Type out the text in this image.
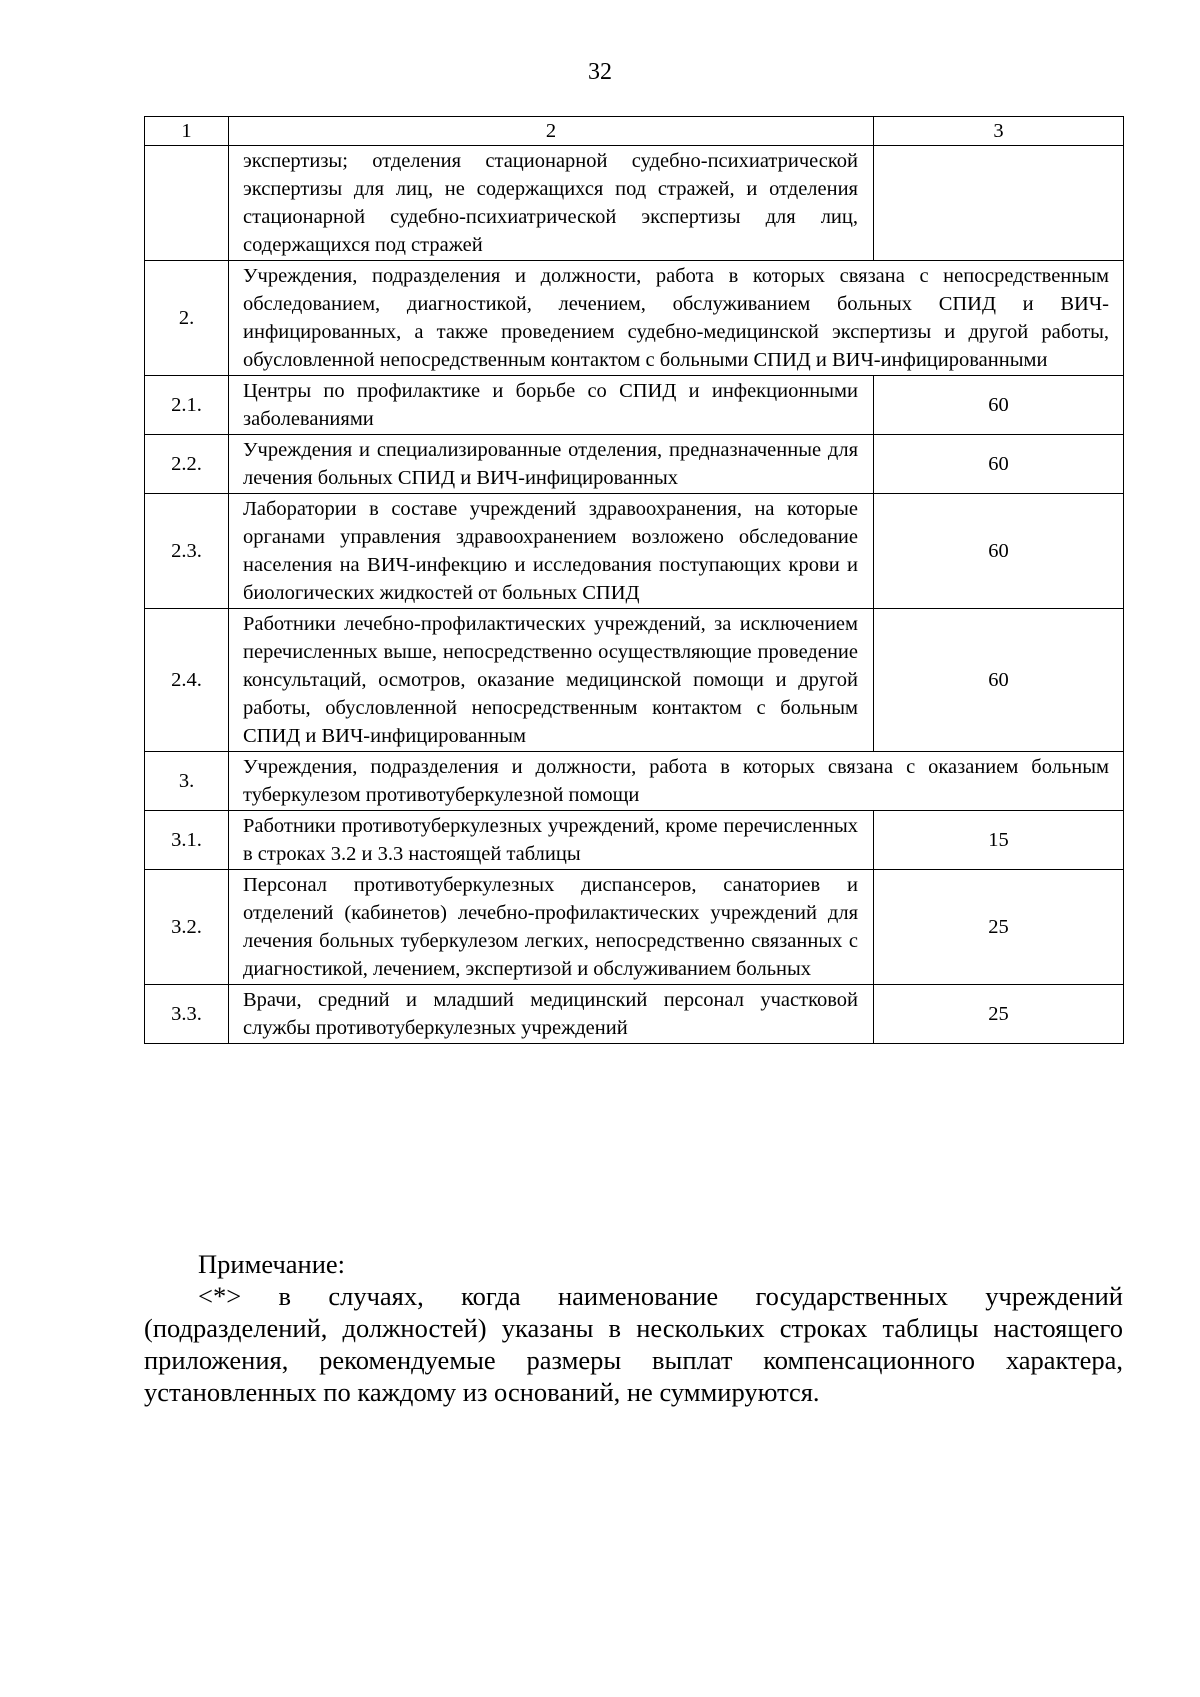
32
1	2	3

	экспертизы; отделения стационарной судебно-психиатрической экспертизы для лиц, не содержащихся под стражей, и отделения стационарной судебно-психиатрической экспертизы для лиц, содержащихся под стражей	

2.	Учреждения, подразделения и должности, работа в которых связана с непосредственным обследованием, диагностикой, лечением, обслуживанием больных СПИД и ВИЧ-инфицированных, а также проведением судебно-медицинской экспертизы и другой работы, обусловленной непосредственным контактом с больными СПИД и ВИЧ-инфицированными	

2.1.	Центры по профилактике и борьбе со СПИД и инфекционными заболеваниями	60
2.2.	Учреждения и специализированные отделения, предназначенные для лечения больных СПИД и ВИЧ-инфицированных	60
2.3.	Лаборатории в составе учреждений здравоохранения, на которые органами управления здравоохранением возложено обследование населения на ВИЧ-инфекцию и исследования поступающих крови и биологических жидкостей от больных СПИД	60
2.4.	Работники лечебно-профилактических учреждений, за исключением перечисленных выше, непосредственно осуществляющие проведение консультаций, осмотров, оказание медицинской помощи и другой работы, обусловленной непосредственным контактом с больным СПИД и ВИЧ-инфицированным	60
3.	Учреждения, подразделения и должности, работа в которых связана с оказанием больным туберкулезом противотуберкулезной помощи	

3.1.	Работники противотуберкулезных учреждений, кроме перечисленных в строках 3.2 и 3.3 настоящей таблицы	15
3.2.	Персонал противотуберкулезных диспансеров, санаториев и отделений (кабинетов) лечебно-профилактических учреждений для лечения больных туберкулезом легких, непосредственно связанных с диагностикой, лечением, экспертизой и обслуживанием больных	25
3.3.	Врачи, средний и младший медицинский персонал участковой службы противотуберкулезных учреждений	25
Примечание:
<*> в случаях, когда наименование государственных учреждений (подразделений, должностей) указаны в нескольких строках таблицы настоящего приложения, рекомендуемые размеры выплат компенсационного характера, установленных по каждому из оснований, не суммируются.
